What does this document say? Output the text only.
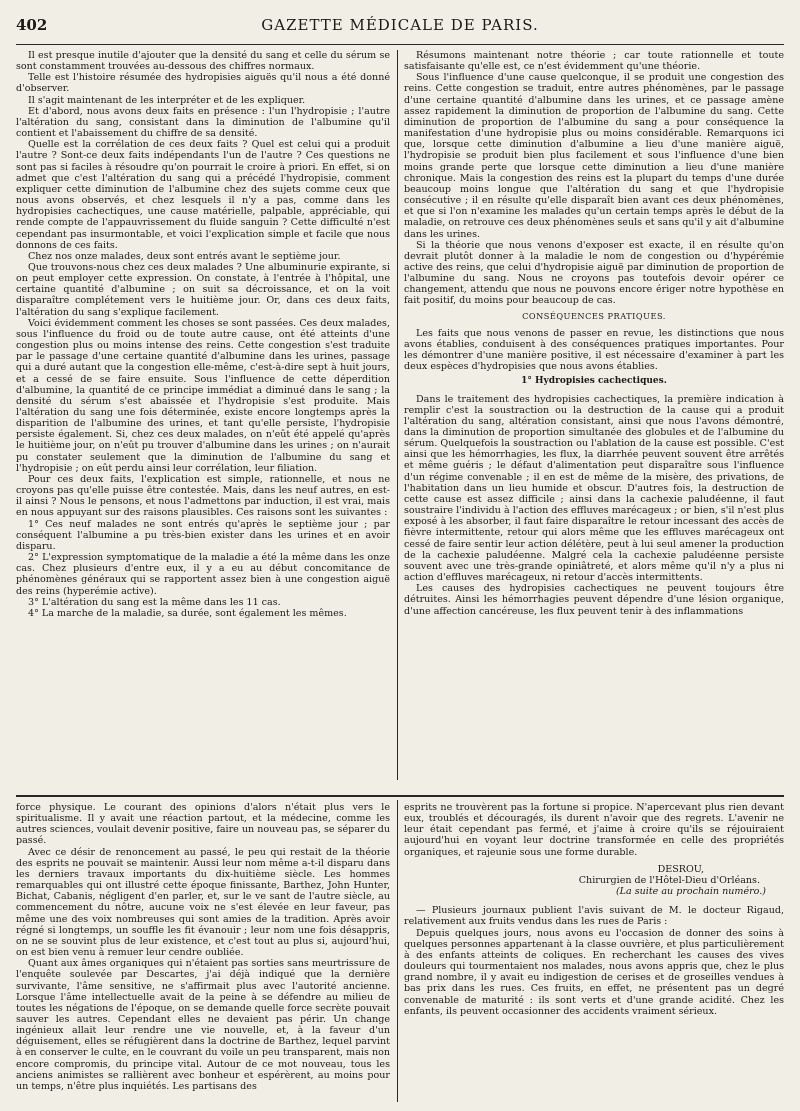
402	GAZETTE MÉDICALE DE PARIS.

Il est presque inutile d'ajouter que la densité du sang et celle du sérum se sont constamment trouvées au-dessous des chiffres normaux.

Telle est l'histoire résumée des hydropisies aiguës qu'il nous a été donné d'observer.

Il s'agit maintenant de les interpréter et de les expliquer.

Et d'abord, nous avons deux faits en présence : l'un l'hydropisie ; l'autre l'altération du sang, consistant dans la diminution de l'albumine qu'il contient et l'abaissement du chiffre de sa densité.

Quelle est la corrélation de ces deux faits ? Quel est celui qui a produit l'autre ? Sont-ce deux faits indépendants l'un de l'autre ? Ces questions ne sont pas si faciles à résoudre qu'on pourrait le croire à priori. En effet, si on admet que c'est l'altération du sang qui a précédé l'hydropisie, comment expliquer cette diminution de l'albumine chez des sujets comme ceux que nous avons observés, et chez lesquels il n'y a pas, comme dans les hydropisies cachectiques, une cause matérielle, palpable, appréciable, qui rende compte de l'appauvrissement du fluide sanguin ? Cette difficulté n'est cependant pas insurmontable, et voici l'explication simple et facile que nous donnons de ces faits.

Chez nos onze malades, deux sont entrés avant le septième jour.

Que trouvons-nous chez ces deux malades ? Une albuminurie expirante, si on peut employer cette expression. On constate, à l'entrée à l'hôpital, une certaine quantité d'albumine ; on suit sa décroissance, et on la voit disparaître complétement vers le huitième jour. Or, dans ces deux faits, l'altération du sang s'explique facilement.

Voici évidemment comment les choses se sont passées. Ces deux malades, sous l'influence du froid ou de toute autre cause, ont été atteints d'une congestion plus ou moins intense des reins. Cette congestion s'est traduite par le passage d'une certaine quantité d'albumine dans les urines, passage qui a duré autant que la congestion elle-même, c'est-à-dire sept à huit jours, et a cessé de se faire ensuite. Sous l'influence de cette déperdition d'albumine, la quantité de ce principe immédiat a diminué dans le sang ; la densité du sérum s'est abaissée et l'hydropisie s'est produite. Mais l'altération du sang une fois déterminée, existe encore longtemps après la disparition de l'albumine des urines, et tant qu'elle persiste, l'hydropisie persiste également. Si, chez ces deux malades, on n'eût été appelé qu'après le huitième jour, on n'eût pu trouver d'albumine dans les urines ; on n'aurait pu constater seulement que la diminution de l'albumine du sang et l'hydropisie ; on eût perdu ainsi leur corrélation, leur filiation.

Pour ces deux faits, l'explication est simple, rationnelle, et nous ne croyons pas qu'elle puisse être contestée. Mais, dans les neuf autres, en est-il ainsi ? Nous le pensons, et nous l'admettons par induction, il est vrai, mais en nous appuyant sur des raisons plausibles. Ces raisons sont les suivantes :

1° Ces neuf malades ne sont entrés qu'après le septième jour ; par conséquent l'albumine a pu très-bien exister dans les urines et en avoir disparu.

2° L'expression symptomatique de la maladie a été la même dans les onze cas. Chez plusieurs d'entre eux, il y a eu au début concomitance de phénomènes généraux qui se rapportent assez bien à une congestion aiguë des reins (hyperémie active).

3° L'altération du sang est la même dans les 11 cas.

4° La marche de la maladie, sa durée, sont également les mêmes.

Résumons maintenant notre théorie ; car toute rationnelle et toute satisfaisante qu'elle est, ce n'est évidemment qu'une théorie.

Sous l'influence d'une cause quelconque, il se produit une congestion des reins. Cette congestion se traduit, entre autres phénomènes, par le passage d'une certaine quantité d'albumine dans les urines, et ce passage amène assez rapidement la diminution de proportion de l'albumine du sang. Cette diminution de proportion de l'albumine du sang a pour conséquence la manifestation d'une hydropisie plus ou moins considérable. Remarquons ici que, lorsque cette diminution d'albumine a lieu d'une manière aiguë, l'hydropisie se produit bien plus facilement et sous l'influence d'une bien moins grande perte que lorsque cette diminution a lieu d'une manière chronique. Mais la congestion des reins est la plupart du temps d'une durée beaucoup moins longue que l'altération du sang et que l'hydropisie consécutive ; il en résulte qu'elle disparaît bien avant ces deux phénomènes, et que si l'on n'examine les malades qu'un certain temps après le début de la maladie, on retrouve ces deux phénomènes seuls et sans qu'il y ait d'albumine dans les urines.

Si la théorie que nous venons d'exposer est exacte, il en résulte qu'on devrait plutôt donner à la maladie le nom de congestion ou d'hypérémie active des reins, que celui d'hydropisie aiguë par diminution de proportion de l'albumine du sang. Nous ne croyons pas toutefois devoir opérer ce changement, attendu que nous ne pouvons encore ériger notre hypothèse en fait positif, du moins pour beaucoup de cas.

CONSÉQUENCES PRATIQUES.

Les faits que nous venons de passer en revue, les distinctions que nous avons établies, conduisent à des conséquences pratiques importantes. Pour les démontrer d'une manière positive, il est nécessaire d'examiner à part les deux espèces d'hydropisies que nous avons établies.

1° Hydropisies cachectiques.

Dans le traitement des hydropisies cachectiques, la première indication à remplir c'est la soustraction ou la destruction de la cause qui a produit l'altération du sang, altération consistant, ainsi que nous l'avons démontré, dans la diminution de proportion simultanée des globules et de l'albumine du sérum. Quelquefois la soustraction ou l'ablation de la cause est possible. C'est ainsi que les hémorrhagies, les flux, la diarrhée peuvent souvent être arrêtés et même guéris ; le défaut d'alimentation peut disparaître sous l'influence d'un régime convenable ; il en est de même de la misère, des privations, de l'habitation dans un lieu humide et obscur. D'autres fois, la destruction de cette cause est assez difficile ; ainsi dans la cachexie paludéenne, il faut soustraire l'individu à l'action des effluves marécageux ; or bien, s'il n'est plus exposé à les absorber, il faut faire disparaître le retour incessant des accès de fièvre intermittente, retour qui alors même que les effluves marécageux ont cessé de faire sentir leur action délétère, peut à lui seul amener la production de la cachexie paludéenne. Malgré cela la cachexie paludéenne persiste souvent avec une très-grande opiniâtreté, et alors même qu'il n'y a plus ni action d'effluves marécageux, ni retour d'accès intermittents.

Les causes des hydropisies cachectiques ne peuvent toujours être détruites. Ainsi les hémorrhagies peuvent dépendre d'une lésion organique, d'une affection cancéreuse, les flux peuvent tenir à des inflammations

force physique. Le courant des opinions d'alors n'était plus vers le spiritualisme. Il y avait une réaction partout, et la médecine, comme les autres sciences, voulait devenir positive, faire un nouveau pas, se séparer du passé.

Avec ce désir de renoncement au passé, le peu qui restait de la théorie des esprits ne pouvait se maintenir. Aussi leur nom même a-t-il disparu dans les derniers travaux importants du dix-huitième siècle. Les hommes remarquables qui ont illustré cette époque finissante, Barthez, John Hunter, Bichat, Cabanis, négligent d'en parler, et, sur le ve sant de l'autre siècle, au commencement du nôtre, aucune voix ne s'est élevée en leur faveur, pas même une des voix nombreuses qui sont amies de la tradition. Après avoir régné si longtemps, un souffle les fit évanouir ; leur nom une fois désappris, on ne se souvint plus de leur existence, et c'est tout au plus si, aujourd'hui, on est bien venu à remuer leur cendre oubliée.

Quant aux âmes organiques qui n'étaient pas sorties sans meurtrissure de l'enquête soulevée par Descartes, j'ai déjà indiqué que la dernière survivante, l'âme sensitive, ne s'affirmait plus avec l'autorité ancienne. Lorsque l'âme intellectuelle avait de la peine à se défendre au milieu de toutes les négations de l'époque, on se demande quelle force secrète pouvait sauver les autres. Cependant elles ne devaient pas périr. Un change ingénieux allait leur rendre une vie nouvelle, et, à la faveur d'un déguisement, elles se réfugièrent dans la doctrine de Barthez, lequel parvint à en conserver le culte, en le couvrant du voile un peu transparent, mais non encore compromis, du principe vital. Autour de ce mot nouveau, tous les anciens animistes se rallièrent avec bonheur et espérèrent, au moins pour un temps, n'être plus inquiétés. Les partisans des

esprits ne trouvèrent pas la fortune si propice. N'apercevant plus rien devant eux, troublés et découragés, ils durent n'avoir que des regrets. L'avenir ne leur était cependant pas fermé, et j'aime à croire qu'ils se réjouiraient aujourd'hui en voyant leur doctrine transformée en celle des propriétés organiques, et rajeunie sous une forme durable.

DESROU,

Chirurgien de l'Hôtel-Dieu d'Orléans.

(La suite au prochain numéro.)

— Plusieurs journaux publient l'avis suivant de M. le docteur Rigaud, relativement aux fruits vendus dans les rues de Paris :

Depuis quelques jours, nous avons eu l'occasion de donner des soins à quelques personnes appartenant à la classe ouvrière, et plus particulièrement à des enfants atteints de coliques. En recherchant les causes des vives douleurs qui tourmentaient nos malades, nous avons appris que, chez le plus grand nombre, il y avait eu indigestion de cerises et de groseilles vendues à bas prix dans les rues. Ces fruits, en effet, ne présentent pas un degré convenable de maturité : ils sont verts et d'une grande acidité. Chez les enfants, ils peuvent occasionner des accidents vraiment sérieux.
